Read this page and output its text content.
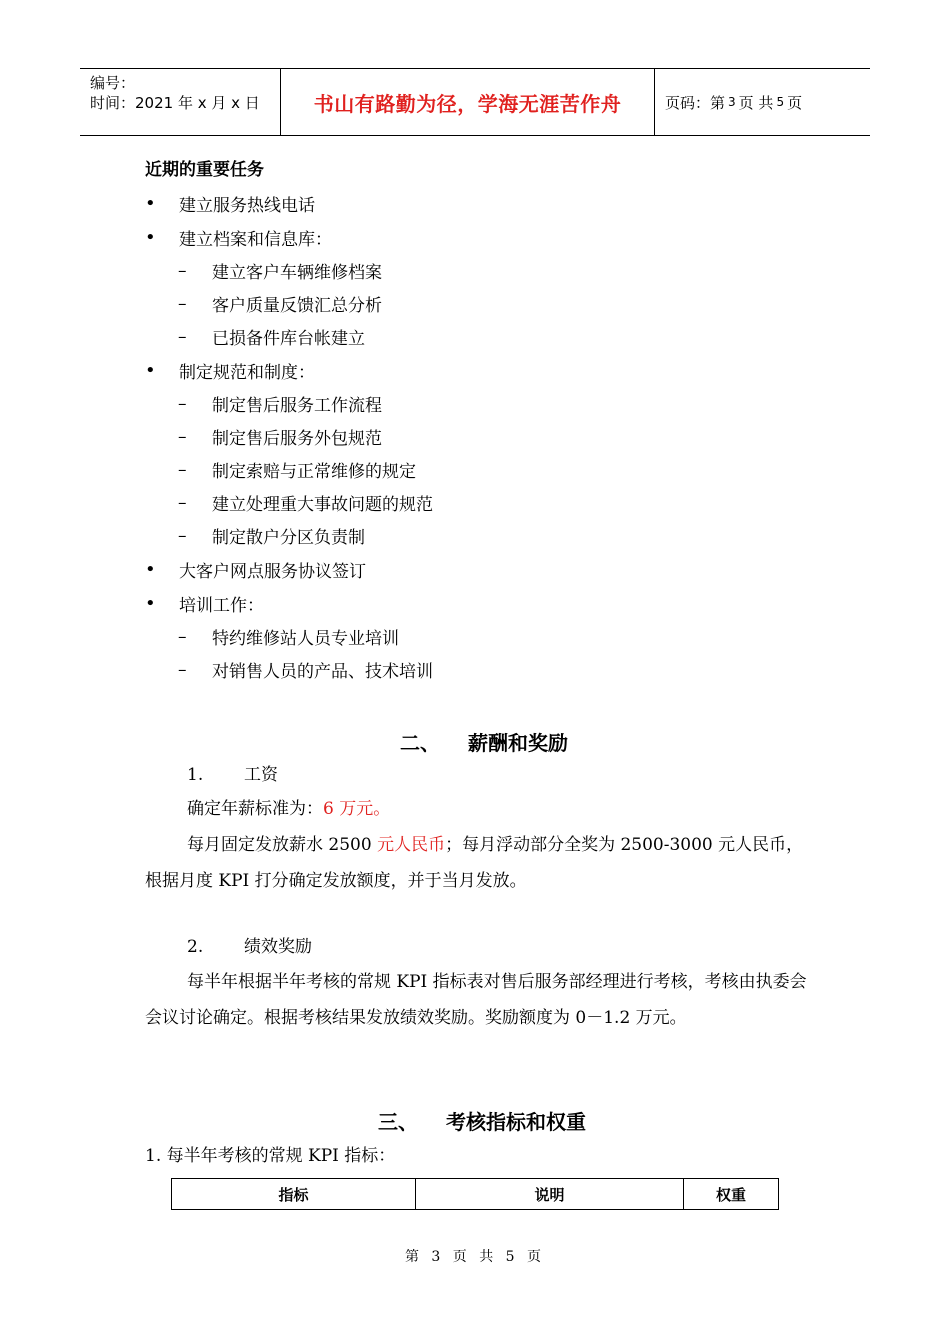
编号：
时间：2021 年 x 月 x 日	书山有路勤为径，学海无涯苦作舟	页码：第 3 页 共 5 页
近期的重要任务
•	建立服务热线电话
•	建立档案和信息库：
–	建立客户车辆维修档案
–	客户质量反馈汇总分析
–	已损备件库台帐建立
•	制定规范和制度：
–	制定售后服务工作流程
–	制定售后服务外包规范
–	制定索赔与正常维修的规定
–	建立处理重大事故问题的规范
–	制定散户分区负责制
•	大客户网点服务协议签订
•	培训工作：
–	特约维修站人员专业培训
–	对销售人员的产品、技术培训
二、 薪酬和奖励
1. 工资
确定年薪标准为：6 万元。
每月固定发放薪水 2500 元人民币；每月浮动部分全奖为 2500-3000 元人民币，根据月度 KPI 打分确定发放额度，并于当月发放。
2. 绩效奖励
每半年根据半年考核的常规 KPI 指标表对售后服务部经理进行考核，考核由执委会会议讨论确定。根据考核结果发放绩效奖励。奖励额度为 0－1.2 万元。
三、 考核指标和权重
1. 每半年考核的常规 KPI 指标：
指标	说明	权重
第 3 页 共 5 页
